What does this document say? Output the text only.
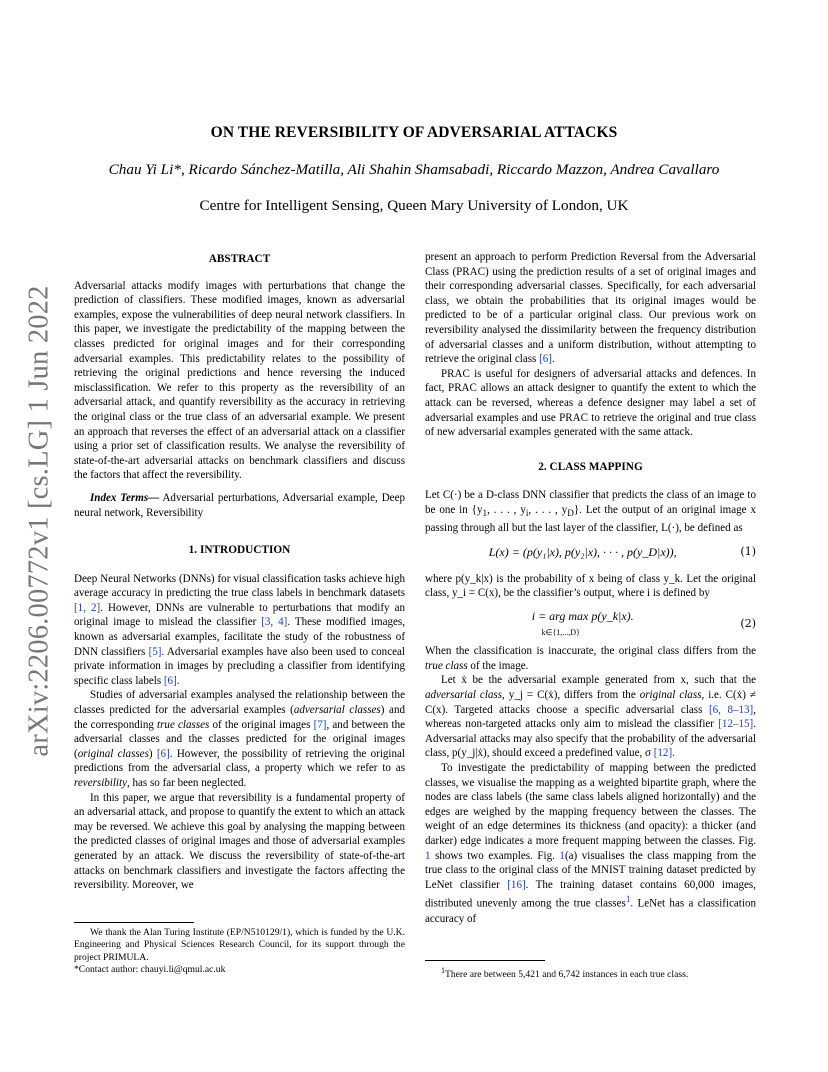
arXiv:2206.00772v1 [cs.LG] 1 Jun 2022
ON THE REVERSIBILITY OF ADVERSARIAL ATTACKS
Chau Yi Li*, Ricardo Sánchez-Matilla, Ali Shahin Shamsabadi, Riccardo Mazzon, Andrea Cavallaro
Centre for Intelligent Sensing, Queen Mary University of London, UK
ABSTRACT

Adversarial attacks modify images with perturbations that change the prediction of classifiers. These modified images, known as adversarial examples, expose the vulnerabilities of deep neural network classifiers. In this paper, we investigate the predictability of the mapping between the classes predicted for original images and for their corresponding adversarial examples. This predictability relates to the possibility of retrieving the original predictions and hence reversing the induced misclassification. We refer to this property as the reversibility of an adversarial attack, and quantify reversibility as the accuracy in retrieving the original class or the true class of an adversarial example. We present an approach that reverses the effect of an adversarial attack on a classifier using a prior set of classification results. We analyse the reversibility of state-of-the-art adversarial attacks on benchmark classifiers and discuss the factors that affect the reversibility.

Index Terms— Adversarial perturbations, Adversarial example, Deep neural network, Reversibility

1. INTRODUCTION

Deep Neural Networks (DNNs) for visual classification tasks achieve high average accuracy in predicting the true class labels in benchmark datasets [1, 2]. However, DNNs are vulnerable to perturbations that modify an original image to mislead the classifier [3, 4]. These modified images, known as adversarial examples, facilitate the study of the robustness of DNN classifiers [5]. Adversarial examples have also been used to conceal private information in images by precluding a classifier from identifying specific class labels [6].

Studies of adversarial examples analysed the relationship between the classes predicted for the adversarial examples (adversarial classes) and the corresponding true classes of the original images [7], and between the adversarial classes and the classes predicted for the original images (original classes) [6]. However, the possibility of retrieving the original predictions from the adversarial class, a property which we refer to as reversibility, has so far been neglected.

In this paper, we argue that reversibility is a fundamental property of an adversarial attack, and propose to quantify the extent to which an attack may be reversed. We achieve this goal by analysing the mapping between the predicted classes of original images and those of adversarial examples generated by an attack. We discuss the reversibility of state-of-the-art attacks on benchmark classifiers and investigate the factors affecting the reversibility. Moreover, we

We thank the Alan Turing Institute (EP/N510129/1), which is funded by the U.K. Engineering and Physical Sciences Research Council, for its support through the project PRIMULA.

*Contact author: chauyi.li@qmul.ac.uk

present an approach to perform Prediction Reversal from the Adversarial Class (PRAC) using the prediction results of a set of original images and their corresponding adversarial classes. Specifically, for each adversarial class, we obtain the probabilities that its original images would be predicted to be of a particular original class. Our previous work on reversibility analysed the dissimilarity between the frequency distribution of adversarial classes and a uniform distribution, without attempting to retrieve the original class [6].

PRAC is useful for designers of adversarial attacks and defences. In fact, PRAC allows an attack designer to quantify the extent to which the attack can be reversed, whereas a defence designer may label a set of adversarial examples and use PRAC to retrieve the original and true class of new adversarial examples generated with the same attack.

2. CLASS MAPPING

Let C(·) be a D-class DNN classifier that predicts the class of an image to be one in {$y_1$, . . . , $y_i$, . . . , $y_D$}. Let the output of an original image x passing through all but the last layer of the classifier, L(·), be defined as

L(x) = (p(y₁|x), p(y₂|x), · · · , p(y_D|x)),	(1)

where p(y_k|x) is the probability of x being of class y_k. Let the original class, y_i = C(x), be the classifier’s output, where i is defined by

i = arg max p(y_k|x).
k∈{1,...,D}
(2)

When the classification is inaccurate, the original class differs from the true class of the image.

Let ẋ be the adversarial example generated from x, such that the adversarial class, y_j = C(ẋ), differs from the original class, i.e. C(ẋ) ≠ C(x). Targeted attacks choose a specific adversarial class [6, 8–13], whereas non-targeted attacks only aim to mislead the classifier [12–15]. Adversarial attacks may also specify that the probability of the adversarial class, p(y_j|ẋ), should exceed a predefined value, σ [12].

To investigate the predictability of mapping between the predicted classes, we visualise the mapping as a weighted bipartite graph, where the nodes are class labels (the same class labels aligned horizontally) and the edges are weighed by the mapping frequency between the classes. The weight of an edge determines its thickness (and opacity): a thicker (and darker) edge indicates a more frequent mapping between the classes. Fig. 1 shows two examples. Fig. 1(a) visualises the class mapping from the true class to the original class of the MNIST training dataset predicted by LeNet classifier [16]. The training dataset contains 60,000 images, distributed unevenly among the true classes$^1$. LeNet has a classification accuracy of

$^1$There are between 5,421 and 6,742 instances in each true class.
